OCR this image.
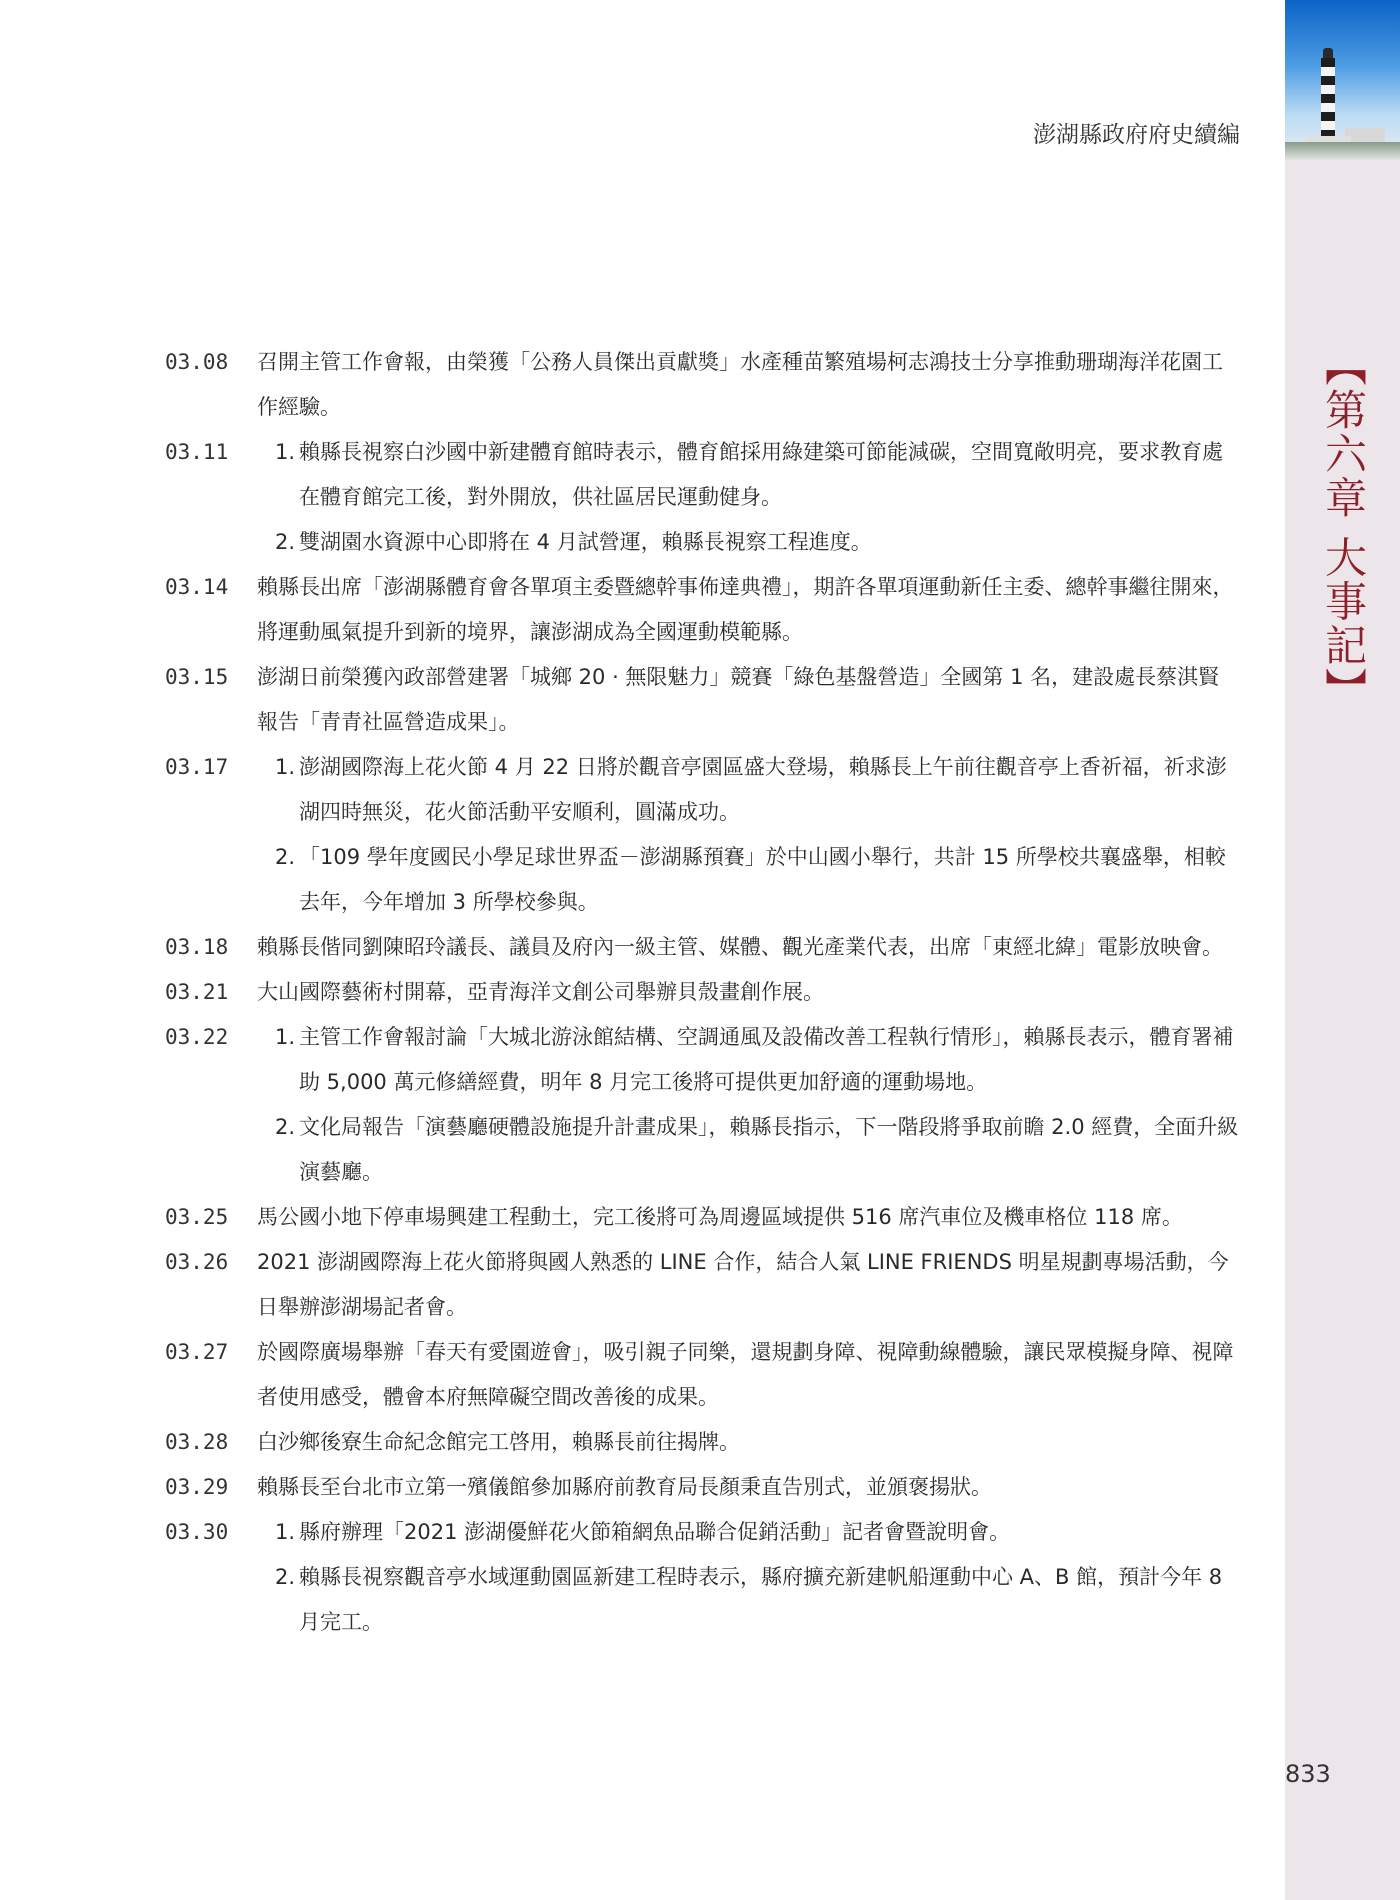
【第六章 大事記】
澎湖縣政府府史續編
03.08	召開主管工作會報，由榮獲「公務人員傑出貢獻獎」水產種苗繁殖場柯志鴻技士分享推動珊瑚海洋花園工作經驗。
03.11	1. 賴縣長視察白沙國中新建體育館時表示，體育館採用綠建築可節能減碳，空間寬敞明亮，要求教育處在體育館完工後，對外開放，供社區居民運動健身。
2. 雙湖園水資源中心即將在 4 月試營運，賴縣長視察工程進度。
03.14	賴縣長出席「澎湖縣體育會各單項主委暨總幹事佈達典禮」，期許各單項運動新任主委、總幹事繼往開來，將運動風氣提升到新的境界，讓澎湖成為全國運動模範縣。
03.15	澎湖日前榮獲內政部營建署「城鄉 20 · 無限魅力」競賽「綠色基盤營造」全國第 1 名，建設處長蔡淇賢報告「青青社區營造成果」。
03.17	1. 澎湖國際海上花火節 4 月 22 日將於觀音亭園區盛大登場，賴縣長上午前往觀音亭上香祈福，祈求澎湖四時無災，花火節活動平安順利，圓滿成功。
2. 「109 學年度國民小學足球世界盃－澎湖縣預賽」於中山國小舉行，共計 15 所學校共襄盛舉，相較去年，今年增加 3 所學校參與。
03.18	賴縣長偕同劉陳昭玲議長、議員及府內一級主管、媒體、觀光產業代表，出席「東經北緯」電影放映會。
03.21	大山國際藝術村開幕，亞青海洋文創公司舉辦貝殼畫創作展。
03.22	1. 主管工作會報討論「大城北游泳館結構、空調通風及設備改善工程執行情形」，賴縣長表示，體育署補助 5,000 萬元修繕經費，明年 8 月完工後將可提供更加舒適的運動場地。
2. 文化局報告「演藝廳硬體設施提升計畫成果」，賴縣長指示，下一階段將爭取前瞻 2.0 經費，全面升級演藝廳。
03.25	馬公國小地下停車場興建工程動土，完工後將可為周邊區域提供 516 席汽車位及機車格位 118 席。
03.26	2021 澎湖國際海上花火節將與國人熟悉的 LINE 合作，結合人氣 LINE FRIENDS 明星規劃專場活動，今日舉辦澎湖場記者會。
03.27	於國際廣場舉辦「春天有愛園遊會」，吸引親子同樂，還規劃身障、視障動線體驗，讓民眾模擬身障、視障者使用感受，體會本府無障礙空間改善後的成果。
03.28	白沙鄉後寮生命紀念館完工啓用，賴縣長前往揭牌。
03.29	賴縣長至台北市立第一殯儀館參加縣府前教育局長顏秉直告別式，並頒褒揚狀。
03.30	1. 縣府辦理「2021 澎湖優鮮花火節箱網魚品聯合促銷活動」記者會暨說明會。
2. 賴縣長視察觀音亭水域運動園區新建工程時表示，縣府擴充新建帆船運動中心 A、B 館，預計今年 8 月完工。
833
